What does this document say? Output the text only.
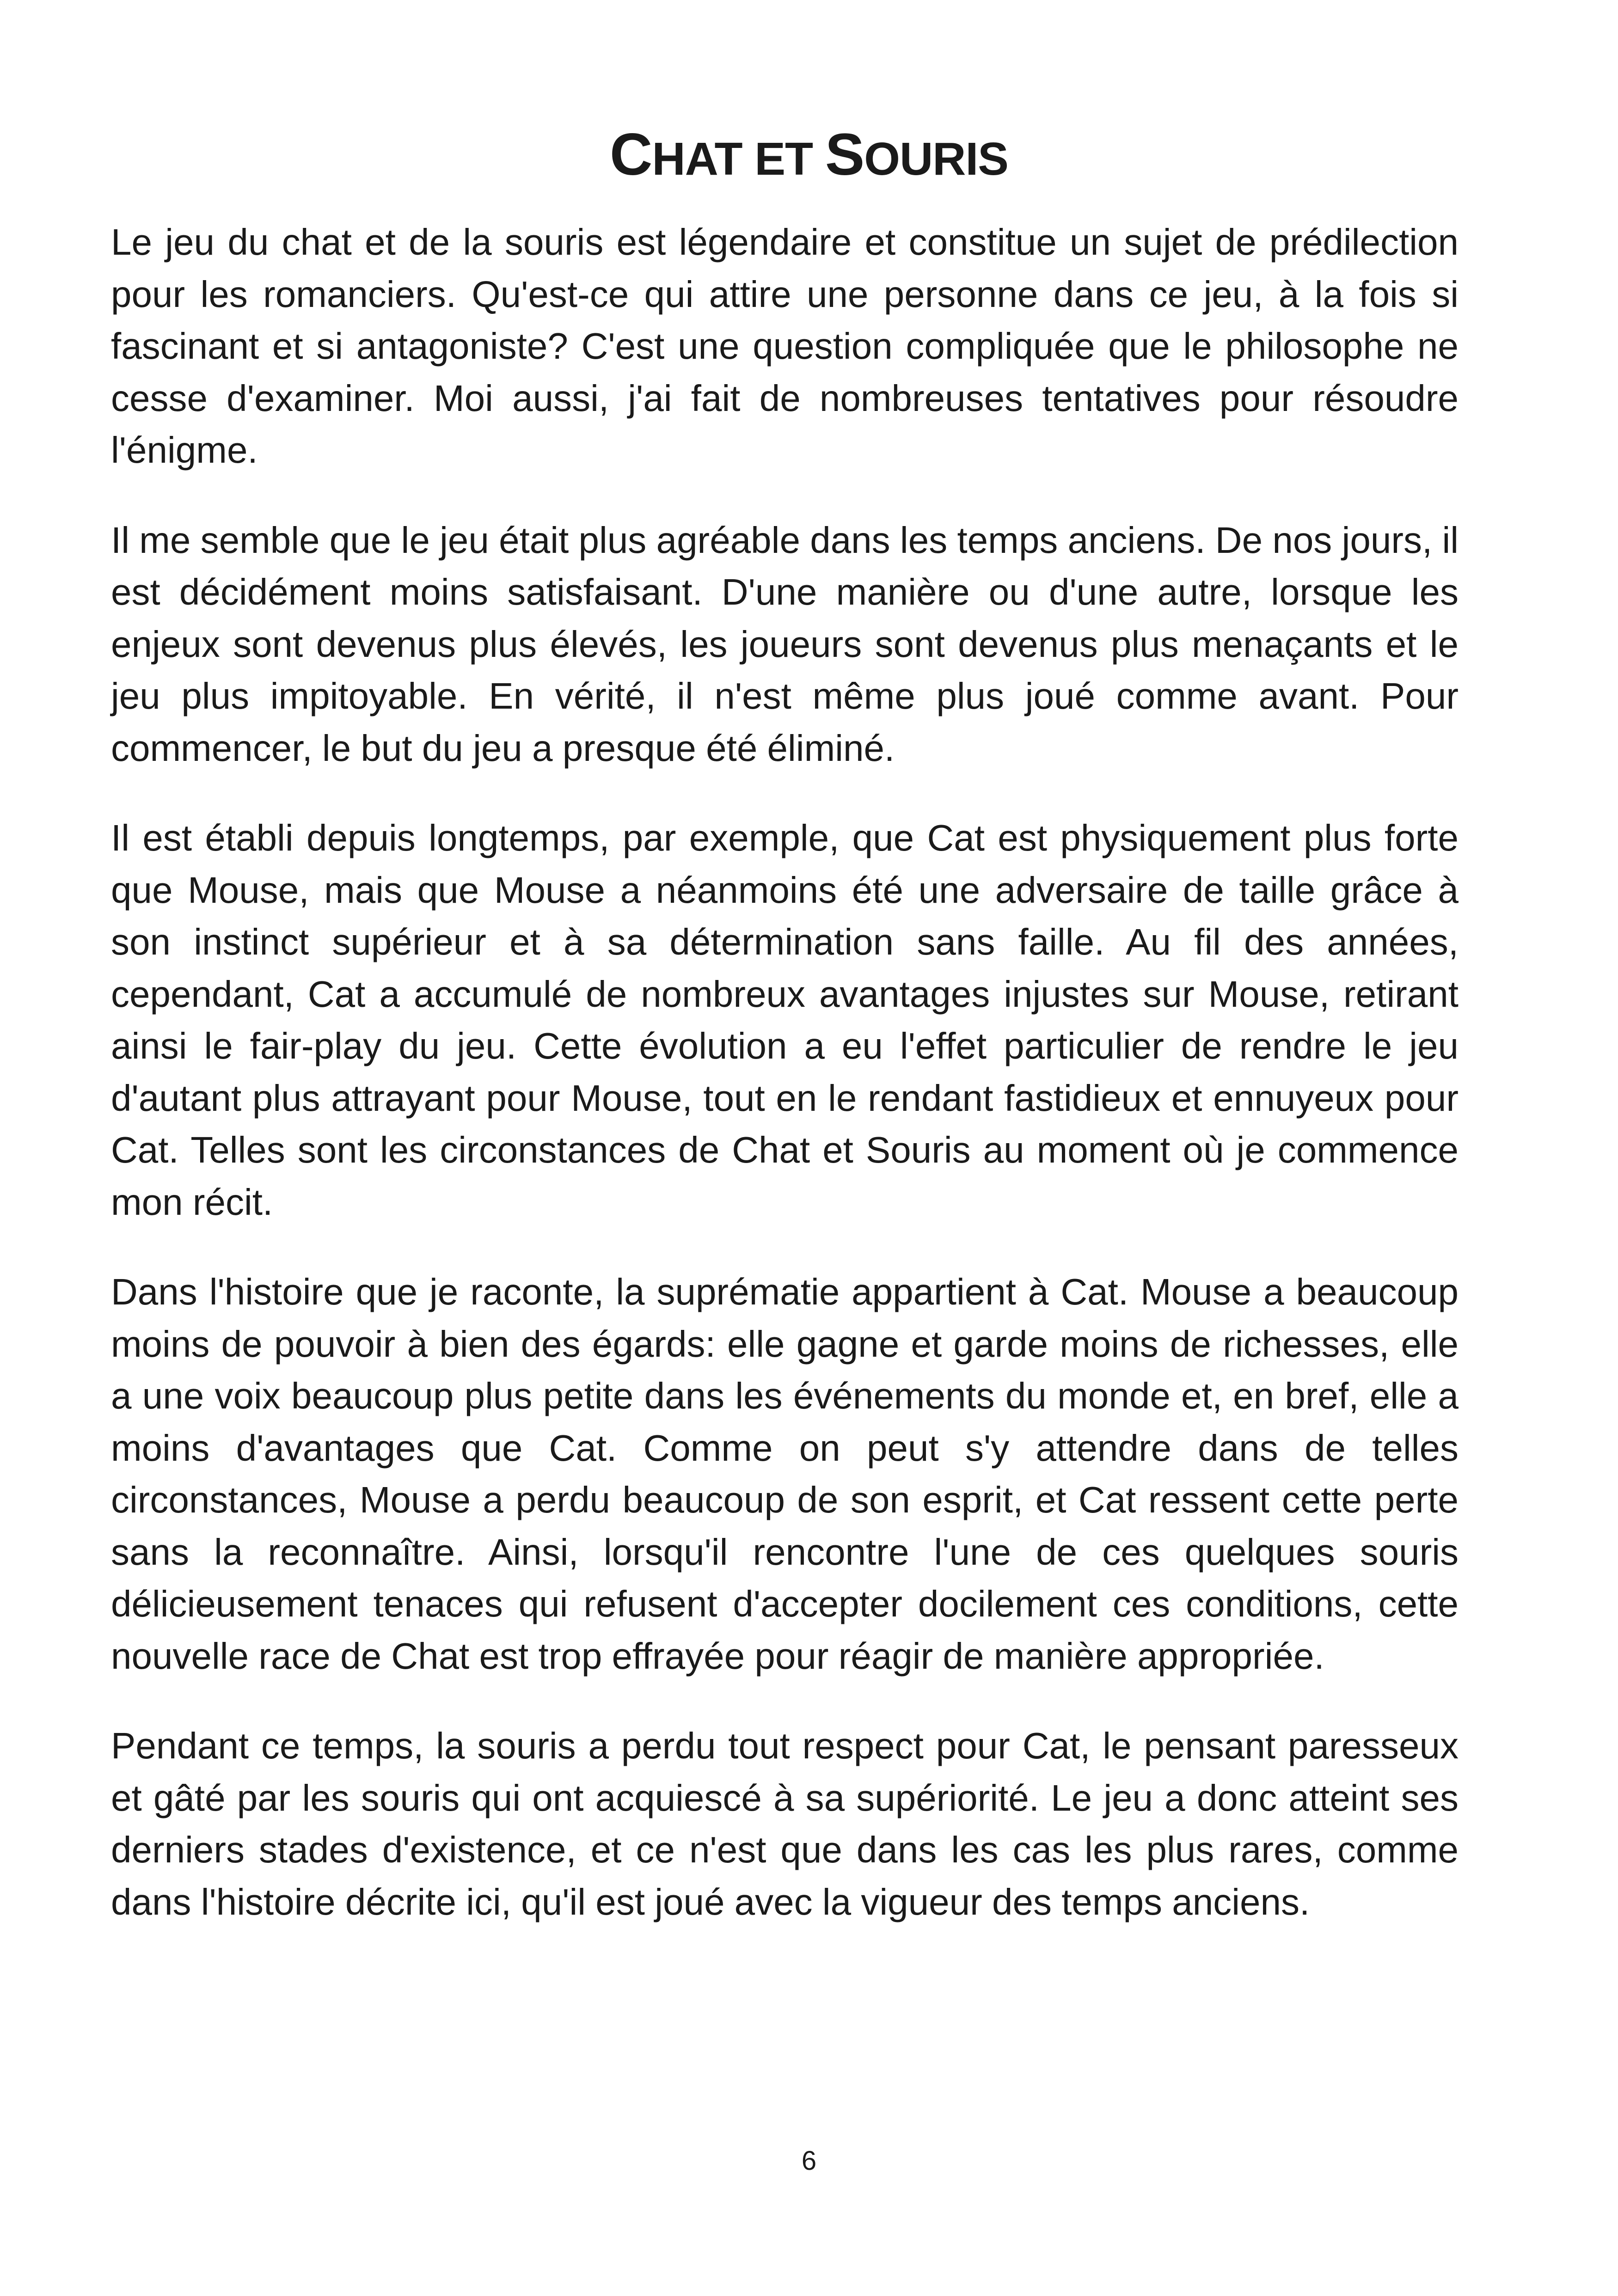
CHAT ET SOURIS

Le jeu du chat et de la souris est légendaire et constitue un sujet de prédilection pour les romanciers. Qu'est-ce qui attire une personne dans ce jeu, à la fois si fascinant et si antagoniste? C'est une question compliquée que le philosophe ne cesse d'examiner. Moi aussi, j'ai fait de nombreuses tentatives pour résoudre l'énigme.

Il me semble que le jeu était plus agréable dans les temps anciens. De nos jours, il est décidément moins satisfaisant. D'une manière ou d'une autre, lorsque les enjeux sont devenus plus élevés, les joueurs sont devenus plus menaçants et le jeu plus impitoyable. En vérité, il n'est même plus joué comme avant. Pour commencer, le but du jeu a presque été éliminé.

Il est établi depuis longtemps, par exemple, que Cat est physiquement plus forte que Mouse, mais que Mouse a néanmoins été une adversaire de taille grâce à son instinct supérieur et à sa détermination sans faille. Au fil des années, cependant, Cat a accumulé de nombreux avantages injustes sur Mouse, retirant ainsi le fair-play du jeu. Cette évolution a eu l'effet particulier de rendre le jeu d'autant plus attrayant pour Mouse, tout en le rendant fastidieux et ennuyeux pour Cat. Telles sont les circonstances de Chat et Souris au moment où je commence mon récit.

Dans l'histoire que je raconte, la suprématie appartient à Cat. Mouse a beaucoup moins de pouvoir à bien des égards: elle gagne et garde moins de richesses, elle a une voix beaucoup plus petite dans les événements du monde et, en bref, elle a moins d'avantages que Cat. Comme on peut s'y attendre dans de telles circonstances, Mouse a perdu beaucoup de son esprit, et Cat ressent cette perte sans la reconnaître. Ainsi, lorsqu'il rencontre l'une de ces quelques souris délicieusement tenaces qui refusent d'accepter docilement ces conditions, cette nouvelle race de Chat est trop effrayée pour réagir de manière appropriée.

Pendant ce temps, la souris a perdu tout respect pour Cat, le pensant paresseux et gâté par les souris qui ont acquiescé à sa supériorité. Le jeu a donc atteint ses derniers stades d'existence, et ce n'est que dans les cas les plus rares, comme dans l'histoire décrite ici, qu'il est joué avec la vigueur des temps anciens.

6
